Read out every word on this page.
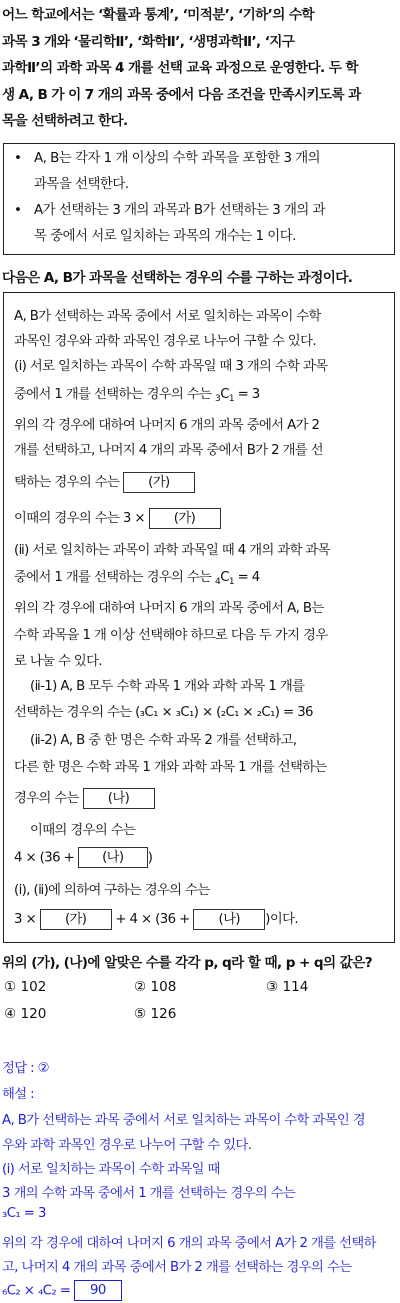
어느 학교에서는 ‘확률과 통계’, ‘미적분’, ‘기하’의 수학
과목 3 개와 ‘물리학Ⅱ’, ‘화학Ⅱ’, ‘생명과학Ⅱ’, ‘지구
과학Ⅱ’의 과학 과목 4 개를 선택 교육 과정으로 운영한다. 두 학
생 A, B 가 이 7 개의 과목 중에서 다음 조건을 만족시키도록 과
목을 선택하려고 한다.
• A, B는 각자 1 개 이상의 수학 과목을 포함한 3 개의
과목을 선택한다.
• A가 선택하는 3 개의 과목과 B가 선택하는 3 개의 과
목 중에서 서로 일치하는 과목의 개수는 1 이다.
다음은 A, B가 과목을 선택하는 경우의 수를 구하는 과정이다.
A, B가 선택하는 과목 중에서 서로 일치하는 과목이 수학
과목인 경우와 과학 과목인 경우로 나누어 구할 수 있다.
(ⅰ) 서로 일치하는 과목이 수학 과목일 때 3 개의 수학 과목
중에서 1 개를 선택하는 경우의 수는 $_3C_1 = 3$
위의 각 경우에 대하여 나머지 6 개의 과목 중에서 A가 2
개를 선택하고, 나머지 4 개의 과목 중에서 B가 2 개를 선
택하는 경우의 수는 (가)
이때의 경우의 수는 3 × (가)
(ⅱ) 서로 일치하는 과목이 과학 과목일 때 4 개의 과학 과목
중에서 1 개를 선택하는 경우의 수는 $_4C_1 = 4$
위의 각 경우에 대하여 나머지 6 개의 과목 중에서 A, B는
수학 과목을 1 개 이상 선택해야 하므로 다음 두 가지 경우
로 나눌 수 있다.
(ⅱ-1) A, B 모두 수학 과목 1 개와 과학 과목 1 개를
선택하는 경우의 수는 (₃C₁ × ₃C₁) × (₂C₁ × ₂C₁) = 36
(ⅱ-2) A, B 중 한 명은 수학 과목 2 개를 선택하고,
다른 한 명은 수학 과목 1 개와 과학 과목 1 개를 선택하는
경우의 수는 (나)
이때의 경우의 수는
4 × (36 + (나) )
(ⅰ), (ⅱ)에 의하여 구하는 경우의 수는
3 × (가) + 4 × (36 + (나) )이다.
위의 (가), (나)에 알맞은 수를 각각 p, q라 할 때, p + q의 값은?
① 102	② 108	③ 114
④ 120	⑤ 126
정답 : ②
해설 :
A, B가 선택하는 과목 중에서 서로 일치하는 과목이 수학 과목인 경
우와 과학 과목인 경우로 나누어 구할 수 있다.
(ⅰ) 서로 일치하는 과목이 수학 과목일 때
3 개의 수학 과목 중에서 1 개를 선택하는 경우의 수는
₃C₁ = 3
위의 각 경우에 대하여 나머지 6 개의 과목 중에서 A가 2 개를 선택하
고, 나머지 4 개의 과목 중에서 B가 2 개를 선택하는 경우의 수는
₆C₂ × ₄C₂ = 90
